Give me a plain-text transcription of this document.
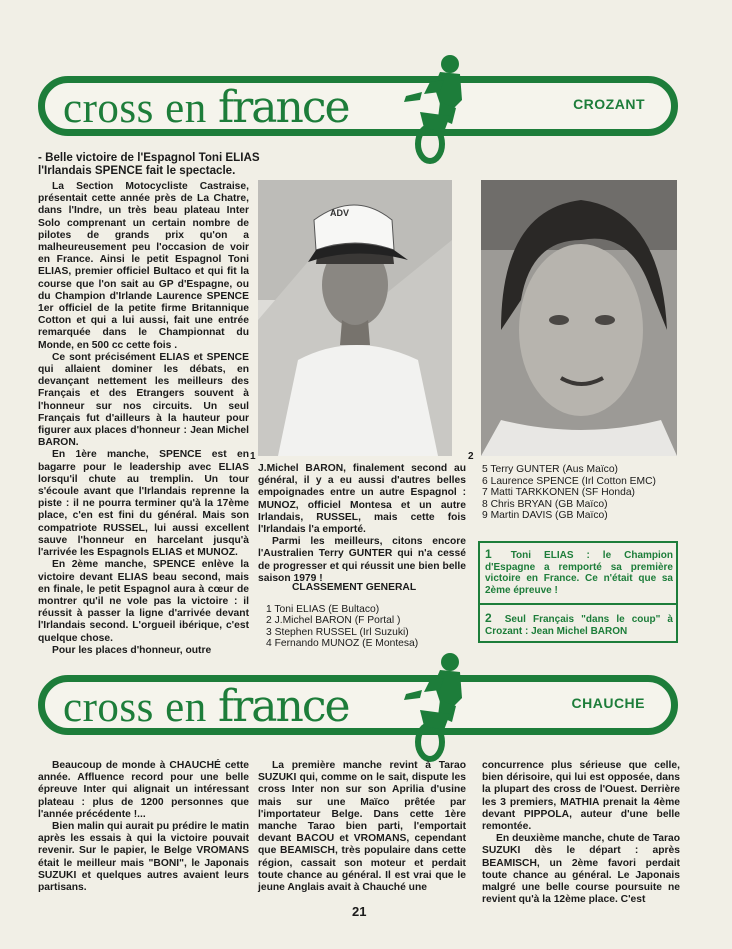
cross en france	CROZANT
- Belle victoire de l'Espagnol Toni ELIAS l'Irlandais SPENCE fait le spectacle.

La Section Motocycliste Castraise, présentait cette année près de La Chatre, dans l'Indre, un très beau plateau Inter Solo comprenant un certain nombre de pilotes de grands prix qu'on a malheureusement peu l'occasion de voir en France. Ainsi le petit Espagnol Toni ELIAS, premier officiel Bultaco et qui fit la course que l'on sait au GP d'Espagne, ou du Champion d'Irlande Laurence SPENCE 1er officiel de la petite firme Britannique Cotton et qui a lui aussi, fait une entrée remarquée dans le Championnat du Monde, en 500 cc cette fois .

Ce sont précisément ELIAS et SPENCE qui allaient dominer les débats, en devançant nettement les meilleurs des Français et des Etrangers souvent à l'honneur sur nos circuits. Un seul Français fut d'ailleurs à la hauteur pour figurer aux places d'honneur : Jean Michel BARON.

En 1ère manche, SPENCE est en bagarre pour le leadership avec ELIAS lorsqu'il chute au tremplin. Un tour s'écoule avant que l'Irlandais reprenne la piste : il ne pourra terminer qu'à la 17ème place, c'en est fini du général. Mais son compatriote RUSSEL, lui aussi excellent sauve l'honneur en harcelant jusqu'à l'arrivée les Espagnols ELIAS et MUNOZ.

En 2ème manche, SPENCE enlève la victoire devant ELIAS beau second, mais en finale, le petit Espagnol aura à cœur de montrer qu'il ne vole pas la victoire : il réussit à passer la ligne d'arrivée devant l'Irlandais second. L'orgueil ibérique, c'est quelque chose.

Pour les places d'honneur, outre

ADV
1	2

J.Michel BARON, finalement second au général, il y a eu aussi d'autres belles empoignades entre un autre Espagnol : MUNOZ, officiel Montesa et un autre Irlandais, RUSSEL, mais cette fois l'Irlandais l'a emporté.

Parmi les meilleurs, citons encore l'Australien Terry GUNTER qui n'a cessé de progresser et qui réussit une bien belle saison 1979 !

CLASSEMENT GENERAL
1 Toni ELIAS (E Bultaco)
2 J.Michel BARON (F Portal )
3 Stephen RUSSEL (Irl Suzuki)
4 Fernando MUNOZ (E Montesa)
5 Terry GUNTER (Aus Maïco)
6 Laurence SPENCE (Irl Cotton EMC)
7 Matti TARKKONEN (SF Honda)
8 Chris BRYAN (GB Maïco)
9 Martin DAVIS (GB Maïco)
1 Toni ELIAS : le Champion d'Espagne a remporté sa première victoire en France. Ce n'était que sa 2ème épreuve !
2 Seul Français "dans le coup" à Crozant : Jean Michel BARON
cross en france	CHAUCHE

Beaucoup de monde à CHAUCHÉ cette année. Affluence record pour une belle épreuve Inter qui alignait un intéressant plateau : plus de 1200 personnes que l'année précédente !...

Bien malin qui aurait pu prédire le matin après les essais à qui la victoire pouvait revenir. Sur le papier, le Belge VROMANS était le meilleur mais "BONI", le Japonais SUZUKI et quelques autres avaient leurs partisans.

La première manche revint à Tarao SUZUKI qui, comme on le sait, dispute les cross Inter non sur son Aprilia d'usine mais sur une Maïco prêtée par l'importateur Belge. Dans cette 1ère manche Tarao bien parti, l'emportait devant BACOU et VROMANS, cependant que BEAMISCH, très populaire dans cette région, cassait son moteur et perdait toute chance au général. Il est vrai que le jeune Anglais avait à Chauché une

concurrence plus sérieuse que celle, bien dérisoire, qui lui est opposée, dans la plupart des cross de l'Ouest. Derrière les 3 premiers, MATHIA prenait la 4ème devant PIPPOLA, auteur d'une belle remontée.

En deuxième manche, chute de Tarao SUZUKI dès le départ : après BEAMISCH, un 2ème favori perdait toute chance au général. Le Japonais malgré une belle course poursuite ne revient qu'à la 12ème place. C'est

21
